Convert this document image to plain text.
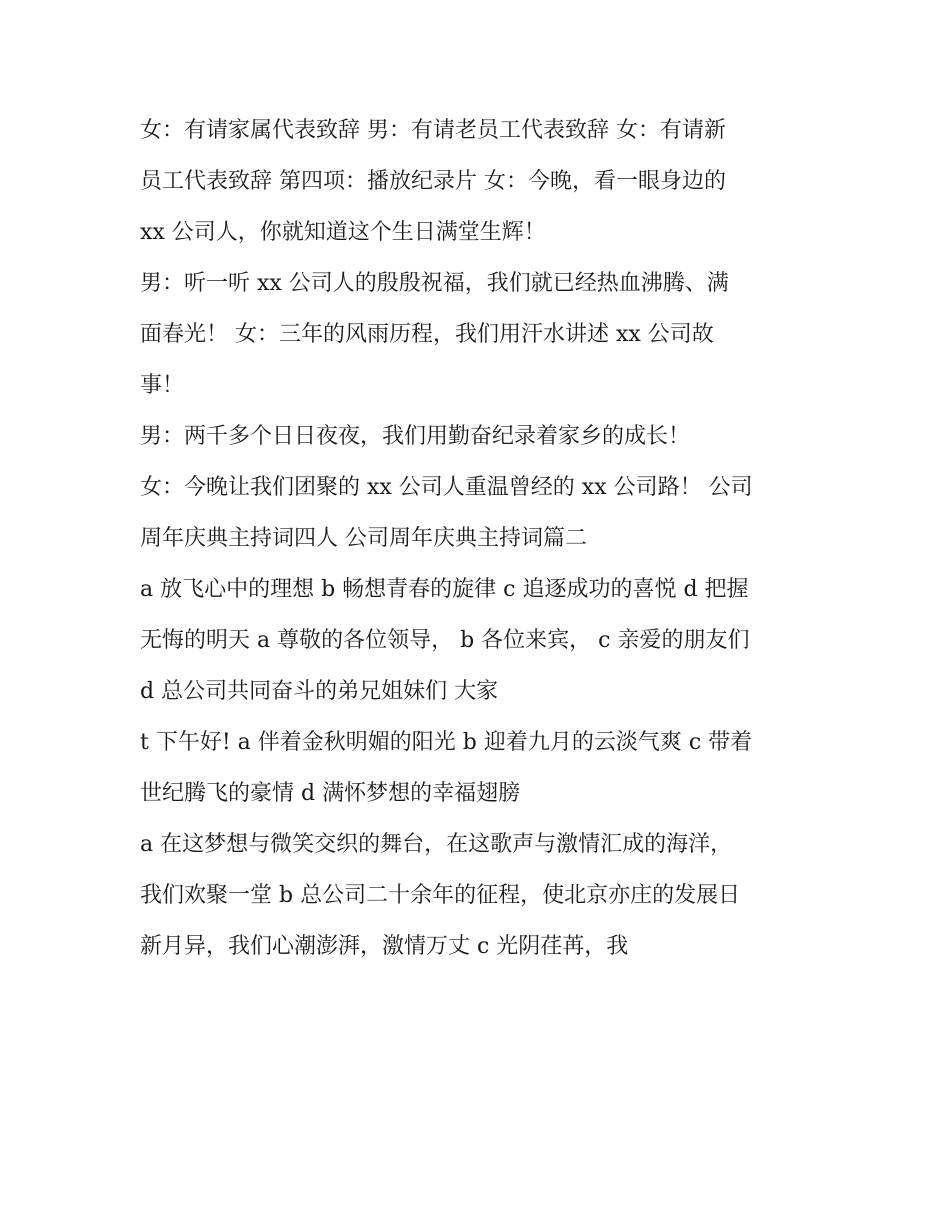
女：有请家属代表致辞 男：有请老员工代表致辞 女：有请新
员工代表致辞 第四项：播放纪录片 女：今晚，看一眼身边的
xx 公司人，你就知道这个生日满堂生辉！
男：听一听 xx 公司人的殷殷祝福，我们就已经热血沸腾、满
面春光！ 女：三年的风雨历程，我们用汗水讲述 xx 公司故
事！
男：两千多个日日夜夜，我们用勤奋纪录着家乡的成长！
女：今晚让我们团聚的 xx 公司人重温曾经的 xx 公司路！ 公司
周年庆典主持词四人 公司周年庆典主持词篇二
a 放飞心中的理想 b 畅想青春的旋律 c 追逐成功的喜悦 d 把握
无悔的明天 a 尊敬的各位领导， b 各位来宾， c 亲爱的朋友们
d 总公司共同奋斗的弟兄姐妹们 大家
t 下午好! a 伴着金秋明媚的阳光 b 迎着九月的云淡气爽 c 带着
世纪腾飞的豪情 d 满怀梦想的幸福翅膀
a 在这梦想与微笑交织的舞台，在这歌声与激情汇成的海洋，
我们欢聚一堂 b 总公司二十余年的征程，使北京亦庄的发展日
新月异，我们心潮澎湃，激情万丈 c 光阴荏苒，我
